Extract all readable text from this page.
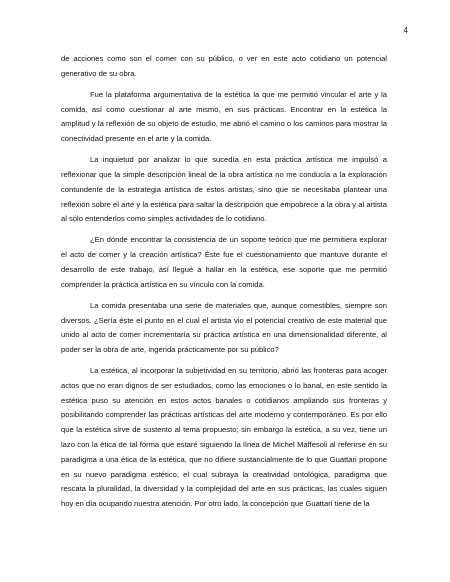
4

de acciones como son el comer con su público, o ver en este acto cotidiano un potencial generativo de su obra.

Fue la plataforma argumentativa de la estética la que me permitió vincular el arte y la comida, así como cuestionar al arte mismo, en sus prácticas. Encontrar en la estética la amplitud y la reflexión de su objeto de estudio, me abrió el camino o los caminos para mostrar la conectividad presente en el arte y la comida.

La inquietud por analizar lo que sucedía en esta práctica artística me impulsó a reflexionar que la simple descripción lineal de la obra artística no me conducía a la exploración contundente de la estrategia artística de estos artistas, sino que se necesitaba plantear una reflexión sobre el arte y la estética para saltar la descripción que empobrece a la obra y al artista al sólo entenderlos como simples actividades de lo cotidiano.

¿En dónde encontrar la consistencia de un soporte teórico que me permitiera explorar el acto de comer y la creación artística? Éste fue el cuestionamiento que mantuve durante el desarrollo de este trabajo, así llegué a hallar en la estética, ese soporte que me permitió comprender la práctica artística en su vínculo con la comida.

La comida presentaba una serie de materiales que, aunque comestibles, siempre son diversos. ¿Sería éste el punto en el cual el artista vio el potencial creativo de este material que unido al acto de comer incrementaría su práctica artística en una dimensionalidad diferente, al poder ser la obra de arte, ingerida prácticamente por su público?

La estética, al incorporar la subjetividad en su territorio, abrió las fronteras para acoger actos que no eran dignos de ser estudiados, como las emociones o lo banal, en este sentido la estética puso su atención en estos actos banales o cotidianos ampliando sus fronteras y posibilitando comprender las prácticas artísticas del arte moderno y contemporáneo. Es por ello que la estética sirve de sustento al tema propuesto; sin embargo la estética, a su vez, tiene un lazo con la ética de tal forma que estaré siguiendo la línea de Michel Maffesoli al referirse en su paradigma a una ética de la estética, que no difiere sustancialmente de lo que Guattari propone en su nuevo paradigma estético, el cual subraya la creatividad ontológica, paradigma que rescata la pluralidad, la diversidad y la complejidad del arte en sus prácticas, las cuales siguen hoy en día ocupando nuestra atención. Por otro lado, la concepción que Guattari tiene de la
